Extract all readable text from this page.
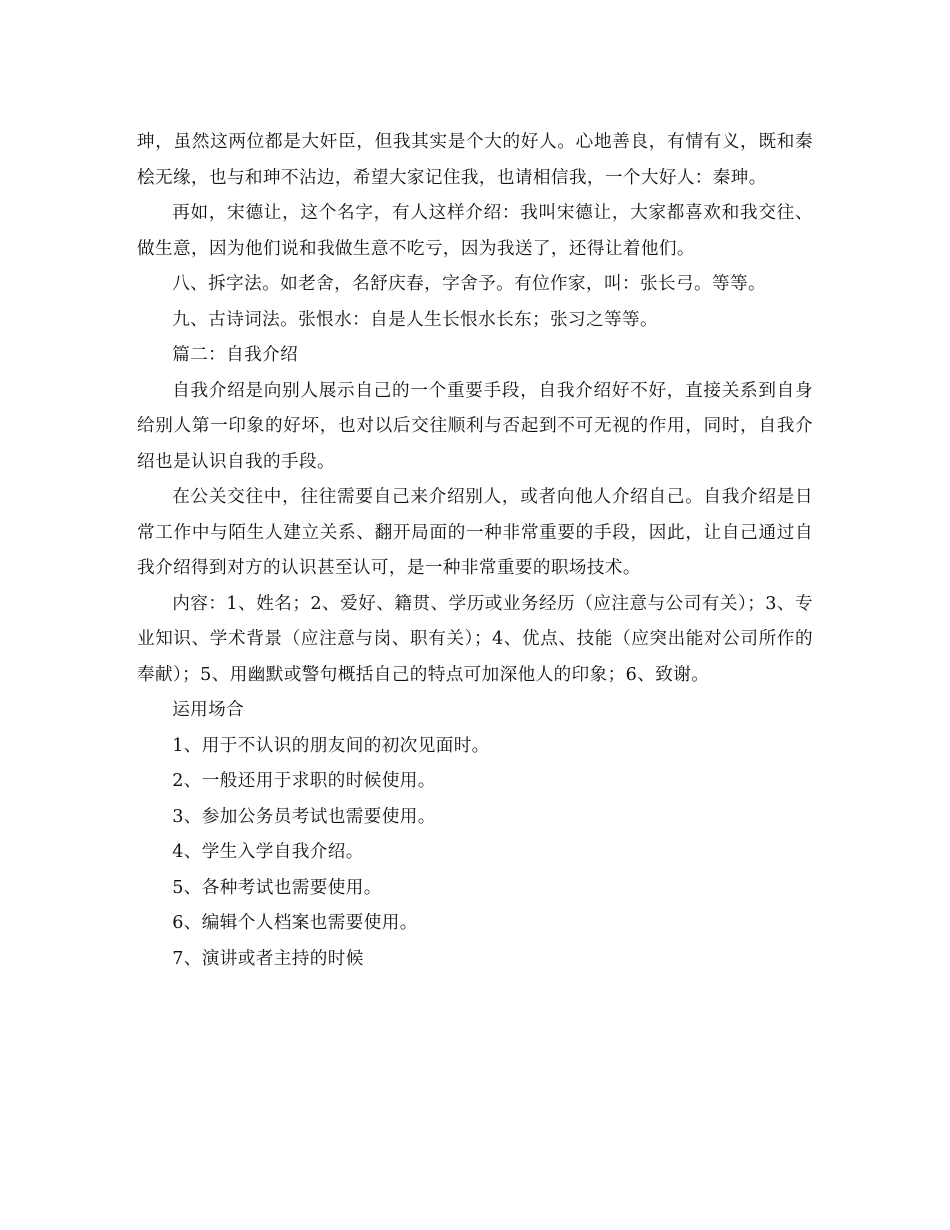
珅，虽然这两位都是大奸臣，但我其实是个大的好人。心地善良，有情有义，既和秦桧无缘，也与和珅不沾边，希望大家记住我，也请相信我，一个大好人：秦珅。

再如，宋德让，这个名字，有人这样介绍：我叫宋德让，大家都喜欢和我交往、做生意，因为他们说和我做生意不吃亏，因为我送了，还得让着他们。

八、拆字法。如老舍，名舒庆春，字舍予。有位作家，叫：张长弓。等等。

九、古诗词法。张恨水：自是人生长恨水长东；张习之等等。

篇二：自我介绍

自我介绍是向别人展示自己的一个重要手段，自我介绍好不好，直接关系到自身给别人第一印象的好坏，也对以后交往顺利与否起到不可无视的作用，同时，自我介绍也是认识自我的手段。

在公关交往中，往往需要自己来介绍别人，或者向他人介绍自己。自我介绍是日常工作中与陌生人建立关系、翻开局面的一种非常重要的手段，因此，让自己通过自我介绍得到对方的认识甚至认可，是一种非常重要的职场技术。

内容：1、姓名；2、爱好、籍贯、学历或业务经历（应注意与公司有关）；3、专业知识、学术背景（应注意与岗、职有关）；4、优点、技能（应突出能对公司所作的奉献）；5、用幽默或警句概括自己的特点可加深他人的印象；6、致谢。

运用场合

1、用于不认识的朋友间的初次见面时。

2、一般还用于求职的时候使用。

3、参加公务员考试也需要使用。

4、学生入学自我介绍。

5、各种考试也需要使用。

6、编辑个人档案也需要使用。

7、演讲或者主持的时候
